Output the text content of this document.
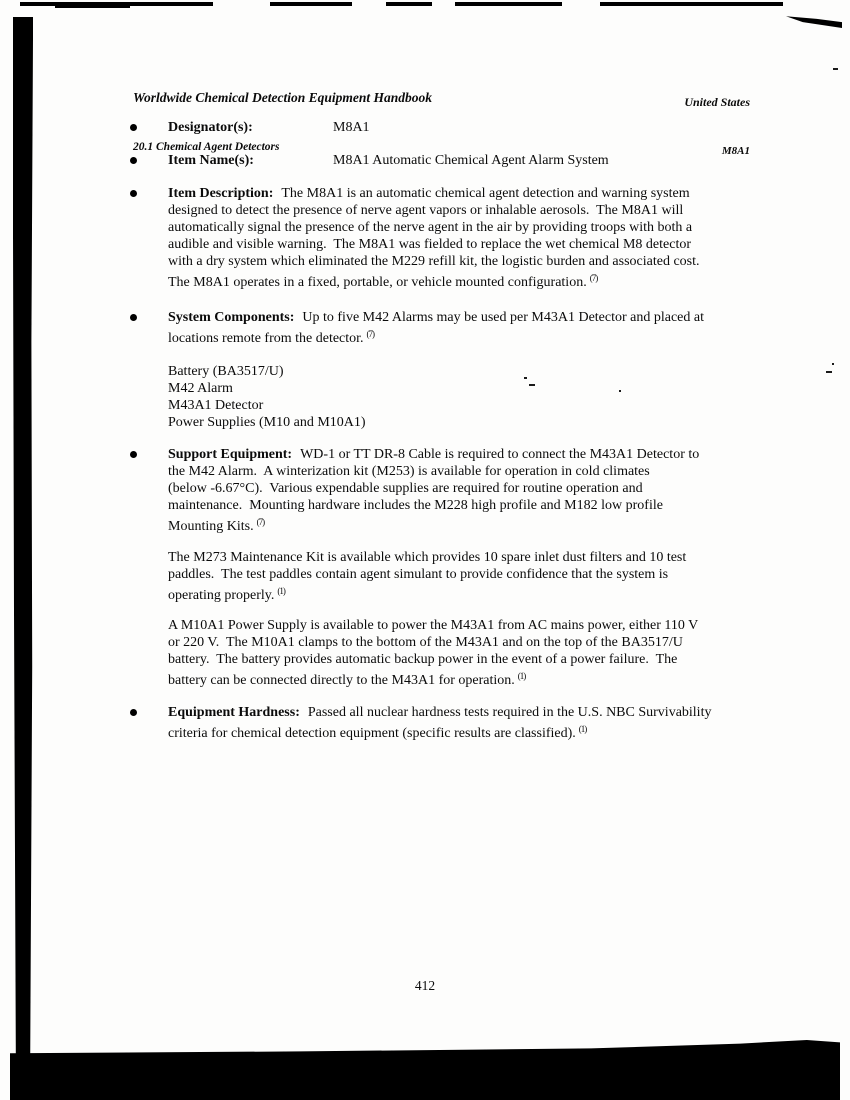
Worldwide Chemical Detection Equipment Handbook

20.1 Chemical Agent Detectors

United States

M8A1

Designator(s):	M8A1
Item Name(s):	M8A1 Automatic Chemical Agent Alarm System
Item Description: The M8A1 is an automatic chemical agent detection and warning system
designed to detect the presence of nerve agent vapors or inhalable aerosols.  The M8A1 will
automatically signal the presence of the nerve agent in the air by providing troops with both a
audible and visible warning.  The M8A1 was fielded to replace the wet chemical M8 detector
with a dry system which eliminated the M229 refill kit, the logistic burden and associated cost.
The M8A1 operates in a fixed, portable, or vehicle mounted configuration. $^{(7)}$
System Components: Up to five M42 Alarms may be used per M43A1 Detector and placed at
locations remote from the detector. $^{(7)}$
Battery (BA3517/U)
M42 Alarm
M43A1 Detector
Power Supplies (M10 and M10A1)
Support Equipment: WD-1 or TT DR-8 Cable is required to connect the M43A1 Detector to
the M42 Alarm.  A winterization kit (M253) is available for operation in cold climates
(below -6.67°C).  Various expendable supplies are required for routine operation and
maintenance.  Mounting hardware includes the M228 high profile and M182 low profile
Mounting Kits. $^{(7)}$
The M273 Maintenance Kit is available which provides 10 spare inlet dust filters and 10 test
paddles.  The test paddles contain agent simulant to provide confidence that the system is
operating properly. $^{(1)}$
A M10A1 Power Supply is available to power the M43A1 from AC mains power, either 110 V
or 220 V.  The M10A1 clamps to the bottom of the M43A1 and on the top of the BA3517/U
battery.  The battery provides automatic backup power in the event of a power failure.  The
battery can be connected directly to the M43A1 for operation. $^{(1)}$
Equipment Hardness: Passed all nuclear hardness tests required in the U.S. NBC Survivability
criteria for chemical detection equipment (specific results are classified). $^{(1)}$
412
